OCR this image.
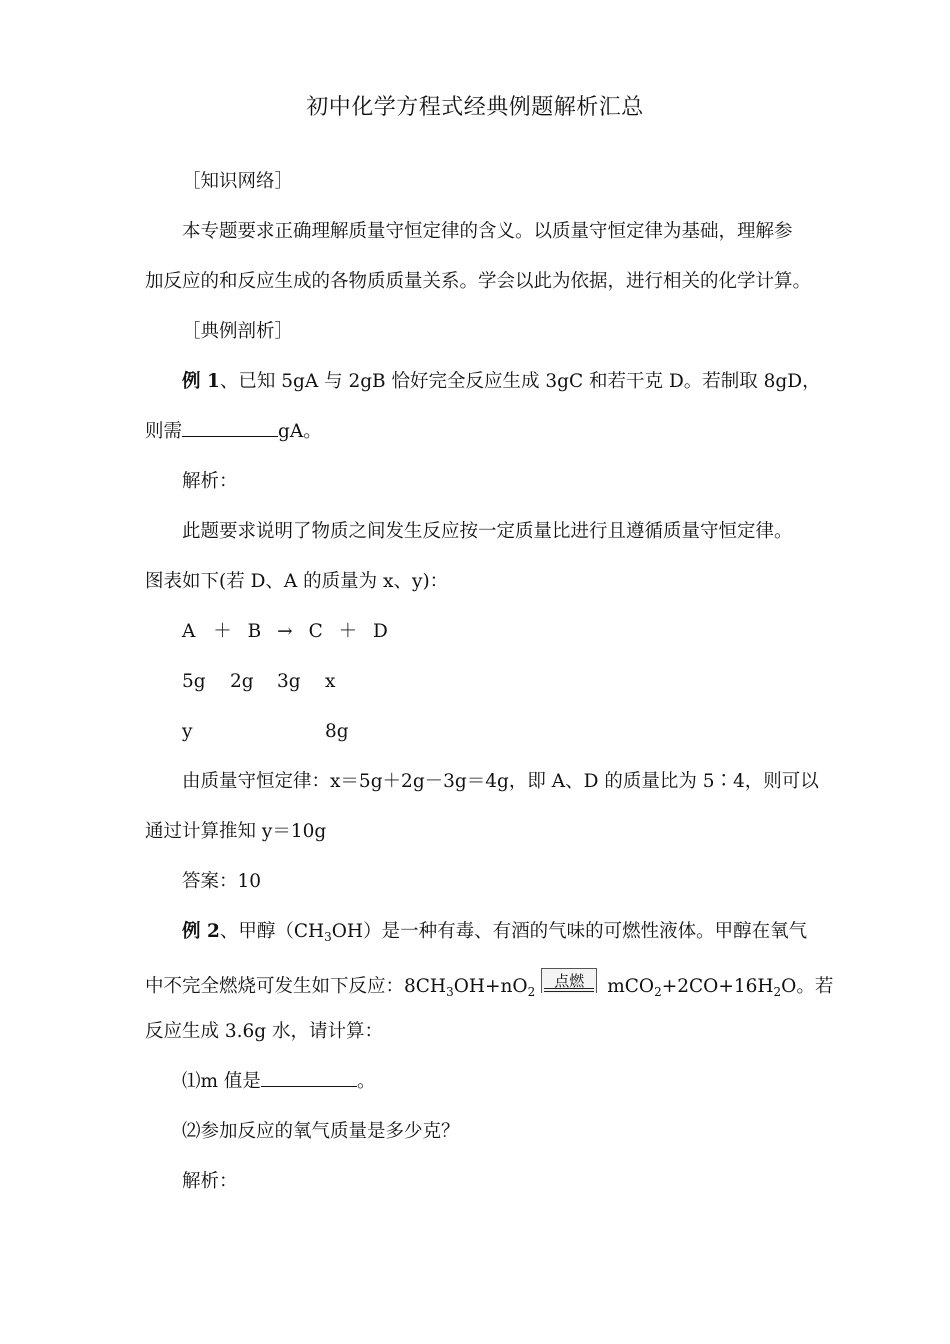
初中化学方程式经典例题解析汇总
［知识网络］
本专题要求正确理解质量守恒定律的含义。以质量守恒定律为基础，理解参
加反应的和反应生成的各物质质量关系。学会以此为依据，进行相关的化学计算。
［典例剖析］
例 1、已知 5gA 与 2gB 恰好完全反应生成 3gC 和若干克 D。若制取 8gD，
则需	gA。
解析：
此题要求说明了物质之间发生反应按一定质量比进行且遵循质量守恒定律。
图表如下(若 D、A 的质量为 x、y)：
A ＋ B → C ＋ D
5g 2g 3g x
y	8g
由质量守恒定律：x＝5g＋2g－3g＝4g，即 A、D 的质量比为 5∶4，则可以
通过计算推知 y＝10g
答案：10
例 2、甲醇$(CH_3OH)$是一种有毒、有酒的气味的可燃性液体。甲醇在氧气
中不完全燃烧可发生如下反应：$8CH_3OH+nO_2$
点燃	$mCO_2+2CO+16H_2O$。若
反应生成 3.6g 水，请计算：
⑴m 值是	。
⑵参加反应的氧气质量是多少克？
解析：
